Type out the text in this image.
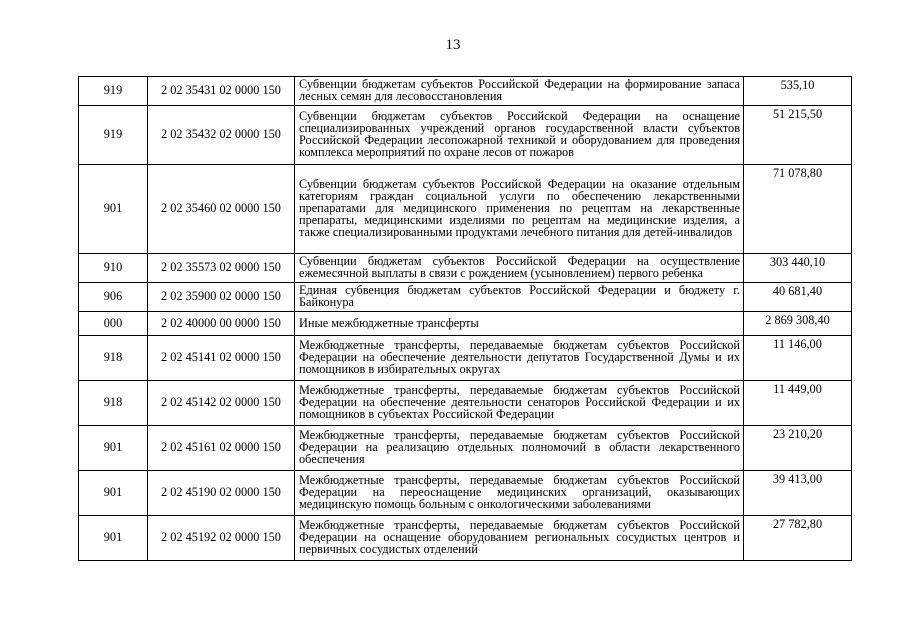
13
919	2 02 35431 02 0000 150	Субвенции бюджетам субъектов Российской Федерации на формирование запаса лесных семян для лесовосстановления	535,10
919	2 02 35432 02 0000 150	Субвенции бюджетам субъектов Российской Федерации на оснащение специализированных учреждений органов государственной власти субъектов Российской Федерации лесопожарной техникой и оборудованием для проведения комплекса мероприятий по охране лесов от пожаров	51 215,50
901	2 02 35460 02 0000 150	Субвенции бюджетам субъектов Российской Федерации на оказание отдельным категориям граждан социальной услуги по обеспечению лекарственными препаратами для медицинского применения по рецептам на лекарственные препараты, медицинскими изделиями по рецептам на медицинские изделия, а также специализированными продуктами лечебного питания для детей-инвалидов	71 078,80
910	2 02 35573 02 0000 150	Субвенции бюджетам субъектов Российской Федерации на осуществление ежемесячной выплаты в связи с рождением (усыновлением) первого ребенка	303 440,10
906	2 02 35900 02 0000 150	Единая субвенция бюджетам субъектов Российской Федерации и бюджету г. Байконура	40 681,40
000	2 02 40000 00 0000 150	Иные межбюджетные трансферты	2 869 308,40
918	2 02 45141 02 0000 150	Межбюджетные трансферты, передаваемые бюджетам субъектов Российской Федерации на обеспечение деятельности депутатов Государственной Думы и их помощников в избирательных округах	11 146,00
918	2 02 45142 02 0000 150	Межбюджетные трансферты, передаваемые бюджетам субъектов Российской Федерации на обеспечение деятельности сенаторов Российской Федерации и их помощников в субъектах Российской Федерации	11 449,00
901	2 02 45161 02 0000 150	Межбюджетные трансферты, передаваемые бюджетам субъектов Российской Федерации на реализацию отдельных полномочий в области лекарственного обеспечения	23 210,20
901	2 02 45190 02 0000 150	Межбюджетные трансферты, передаваемые бюджетам субъектов Российской Федерации на переоснащение медицинских организаций, оказывающих медицинскую помощь больным с онкологическими заболеваниями	39 413,00
901	2 02 45192 02 0000 150	Межбюджетные трансферты, передаваемые бюджетам субъектов Российской Федерации на оснащение оборудованием региональных сосудистых центров и первичных сосудистых отделений	27 782,80
